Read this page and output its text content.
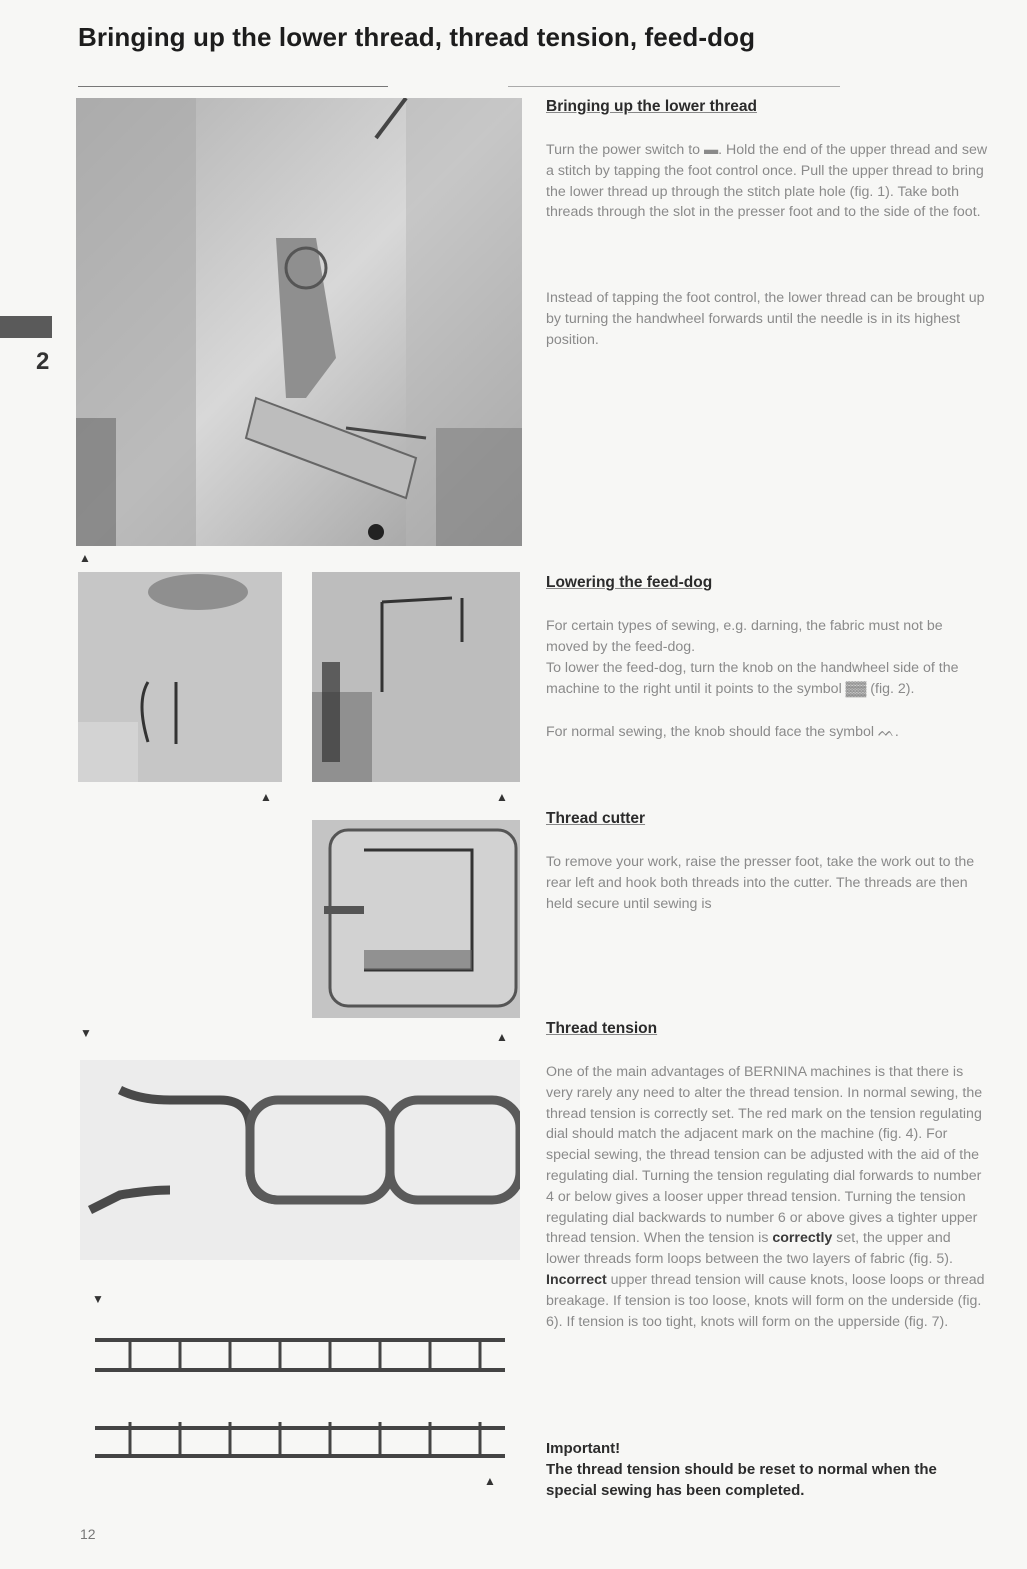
Bringing up the lower thread, thread tension, feed-dog
2
▲
▲	▲
▼	▲
▼
▲
Bringing up the lower thread
Turn the power switch to ▬. Hold the end of the upper thread and sew a stitch by tapping the foot control once. Pull the upper thread to bring the lower thread up through the stitch plate hole (fig. 1). Take both threads through the slot in the presser foot and to the side of the foot.
Instead of tapping the foot control, the lower thread can be brought up by turning the handwheel forwards until the needle is in its highest position.
Lowering the feed-dog
For certain types of sewing, e.g. darning, the fabric must not be moved by the feed-dog.
To lower the feed-dog, turn the knob on the handwheel side of the machine to the right until it points to the symbol ▓▓ (fig. 2).
For normal sewing, the knob should face the symbol ᨓ.
Thread cutter
To remove your work, raise the presser foot, take the work out to the rear left and hook both threads into the cutter. The threads are then held secure until sewing is
Thread tension
One of the main advantages of BERNINA machines is that there is very rarely any need to alter the thread tension. In normal sewing, the thread tension is correctly set. The red mark on the tension regulating dial should match the adjacent mark on the machine (fig. 4). For special sewing, the thread tension can be adjusted with the aid of the regulating dial. Turning the tension regulating dial forwards to number 4 or below gives a looser upper thread tension. Turning the tension regulating dial backwards to number 6 or above gives a tighter upper thread tension. When the tension is correctly set, the upper and lower threads form loops between the two layers of fabric (fig. 5). Incorrect upper thread tension will cause knots, loose loops or thread breakage. If tension is too loose, knots will form on the underside (fig. 6). If tension is too tight, knots will form on the upperside (fig. 7).
Important!
The thread tension should be reset to normal when the special sewing has been completed.
12
